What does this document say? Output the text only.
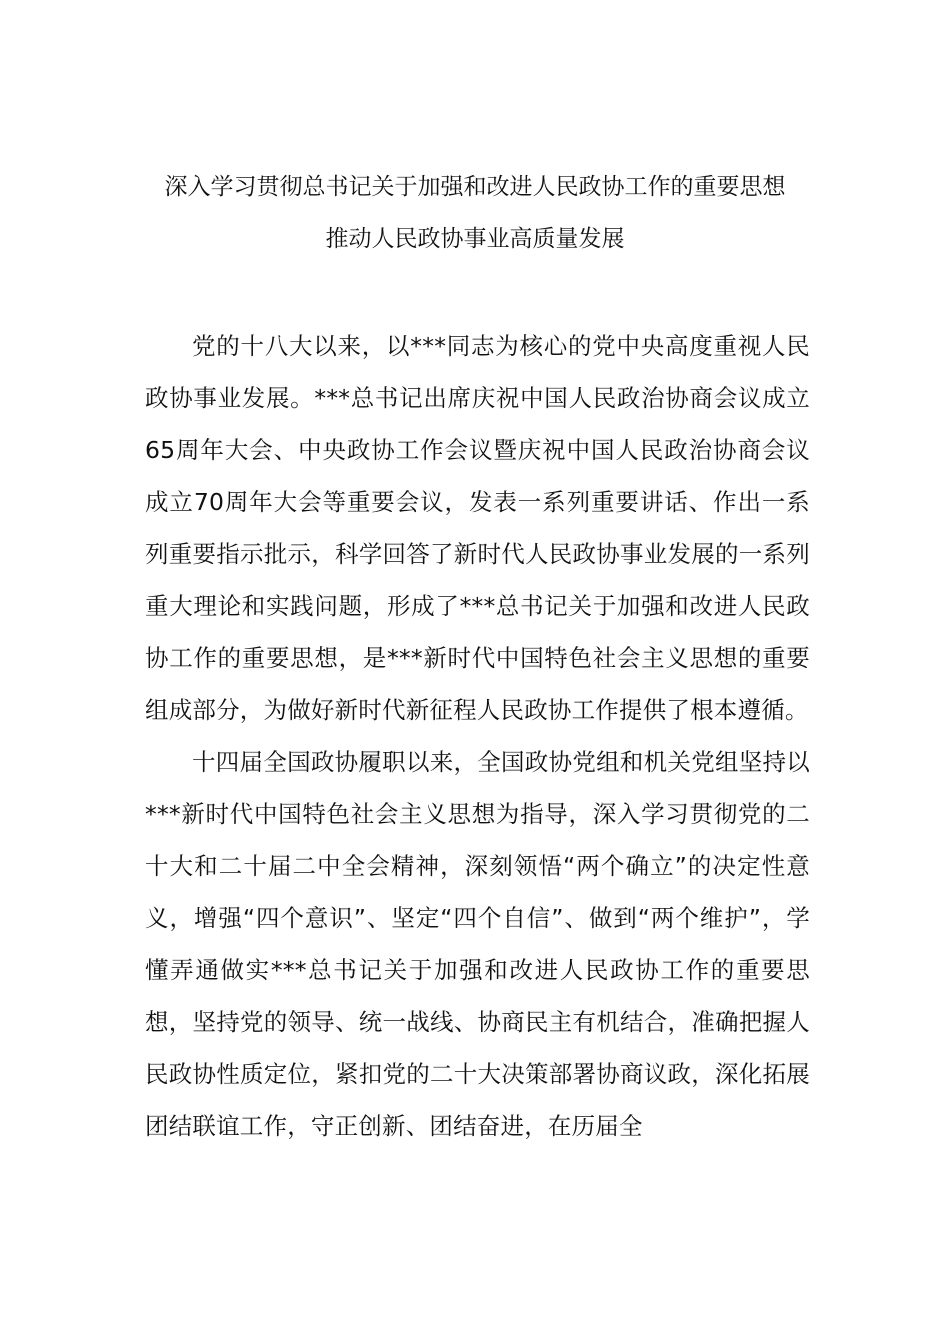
深入学习贯彻总书记关于加强和改进人民政协工作的重要思想
推动人民政协事业高质量发展

党的十八大以来，以***同志为核心的党中央高度重视人民政协事业发展。***总书记出席庆祝中国人民政治协商会议成立65周年大会、中央政协工作会议暨庆祝中国人民政治协商会议成立70周年大会等重要会议，发表一系列重要讲话、作出一系列重要指示批示，科学回答了新时代人民政协事业发展的一系列重大理论和实践问题，形成了***总书记关于加强和改进人民政协工作的重要思想，是***新时代中国特色社会主义思想的重要组成部分，为做好新时代新征程人民政协工作提供了根本遵循。

十四届全国政协履职以来，全国政协党组和机关党组坚持以***新时代中国特色社会主义思想为指导，深入学习贯彻党的二十大和二十届二中全会精神，深刻领悟“两个确立”的决定性意义，增强“四个意识”、坚定“四个自信”、做到“两个维护”，学懂弄通做实***总书记关于加强和改进人民政协工作的重要思想，坚持党的领导、统一战线、协商民主有机结合，准确把握人民政协性质定位，紧扣党的二十大决策部署协商议政，深化拓展团结联谊工作，守正创新、团结奋进，在历届全
